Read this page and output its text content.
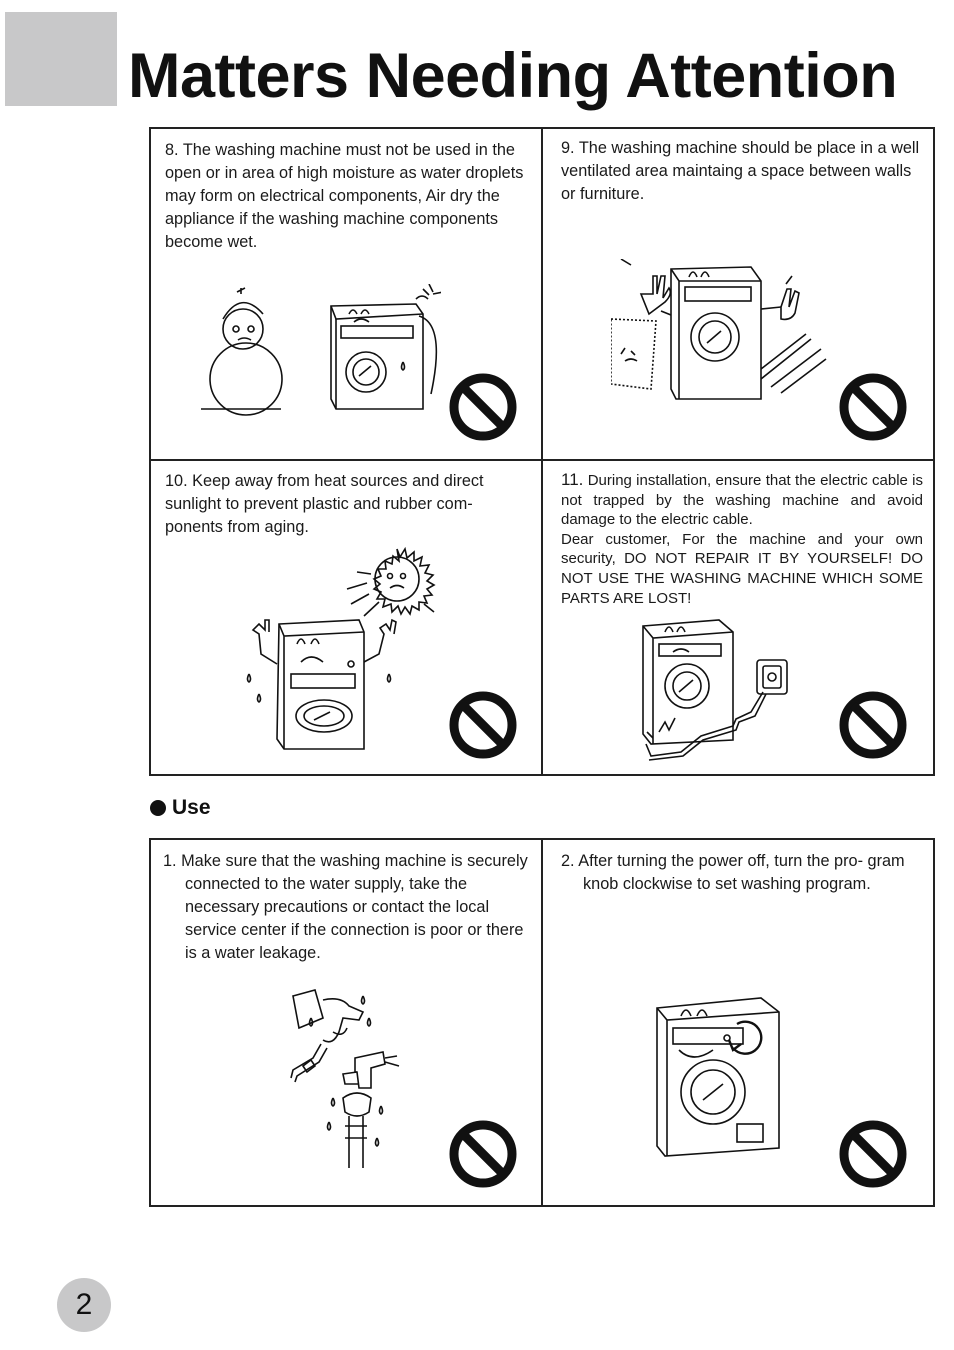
Matters Needing Attention

8. The washing machine must not be used in the open or in area of high moisture as water droplets may form on electrical components, Air dry the appliance if the washing machine components become wet.

9. The washing machine should be place in a well ventilated area maintaing a space between walls or furniture.

10. Keep away from heat sources and direct sunlight to prevent plastic and rubber com- ponents from aging.

11. During installation, ensure that the electric cable is not trapped by the washing machine and avoid damage to the electric cable.

Dear customer, For the machine and your own security, DO NOT REPAIR IT BY YOURSELF! DO NOT USE THE WASHING MACHINE WHICH SOME PARTS ARE LOST!

Use

1. Make sure that the washing machine is securely connected to the water supply, take the necessary precautions or contact the local service center if the connection is poor or there is a water leakage.

2. After turning the power off, turn the pro- gram knob clockwise to set washing program.

2
